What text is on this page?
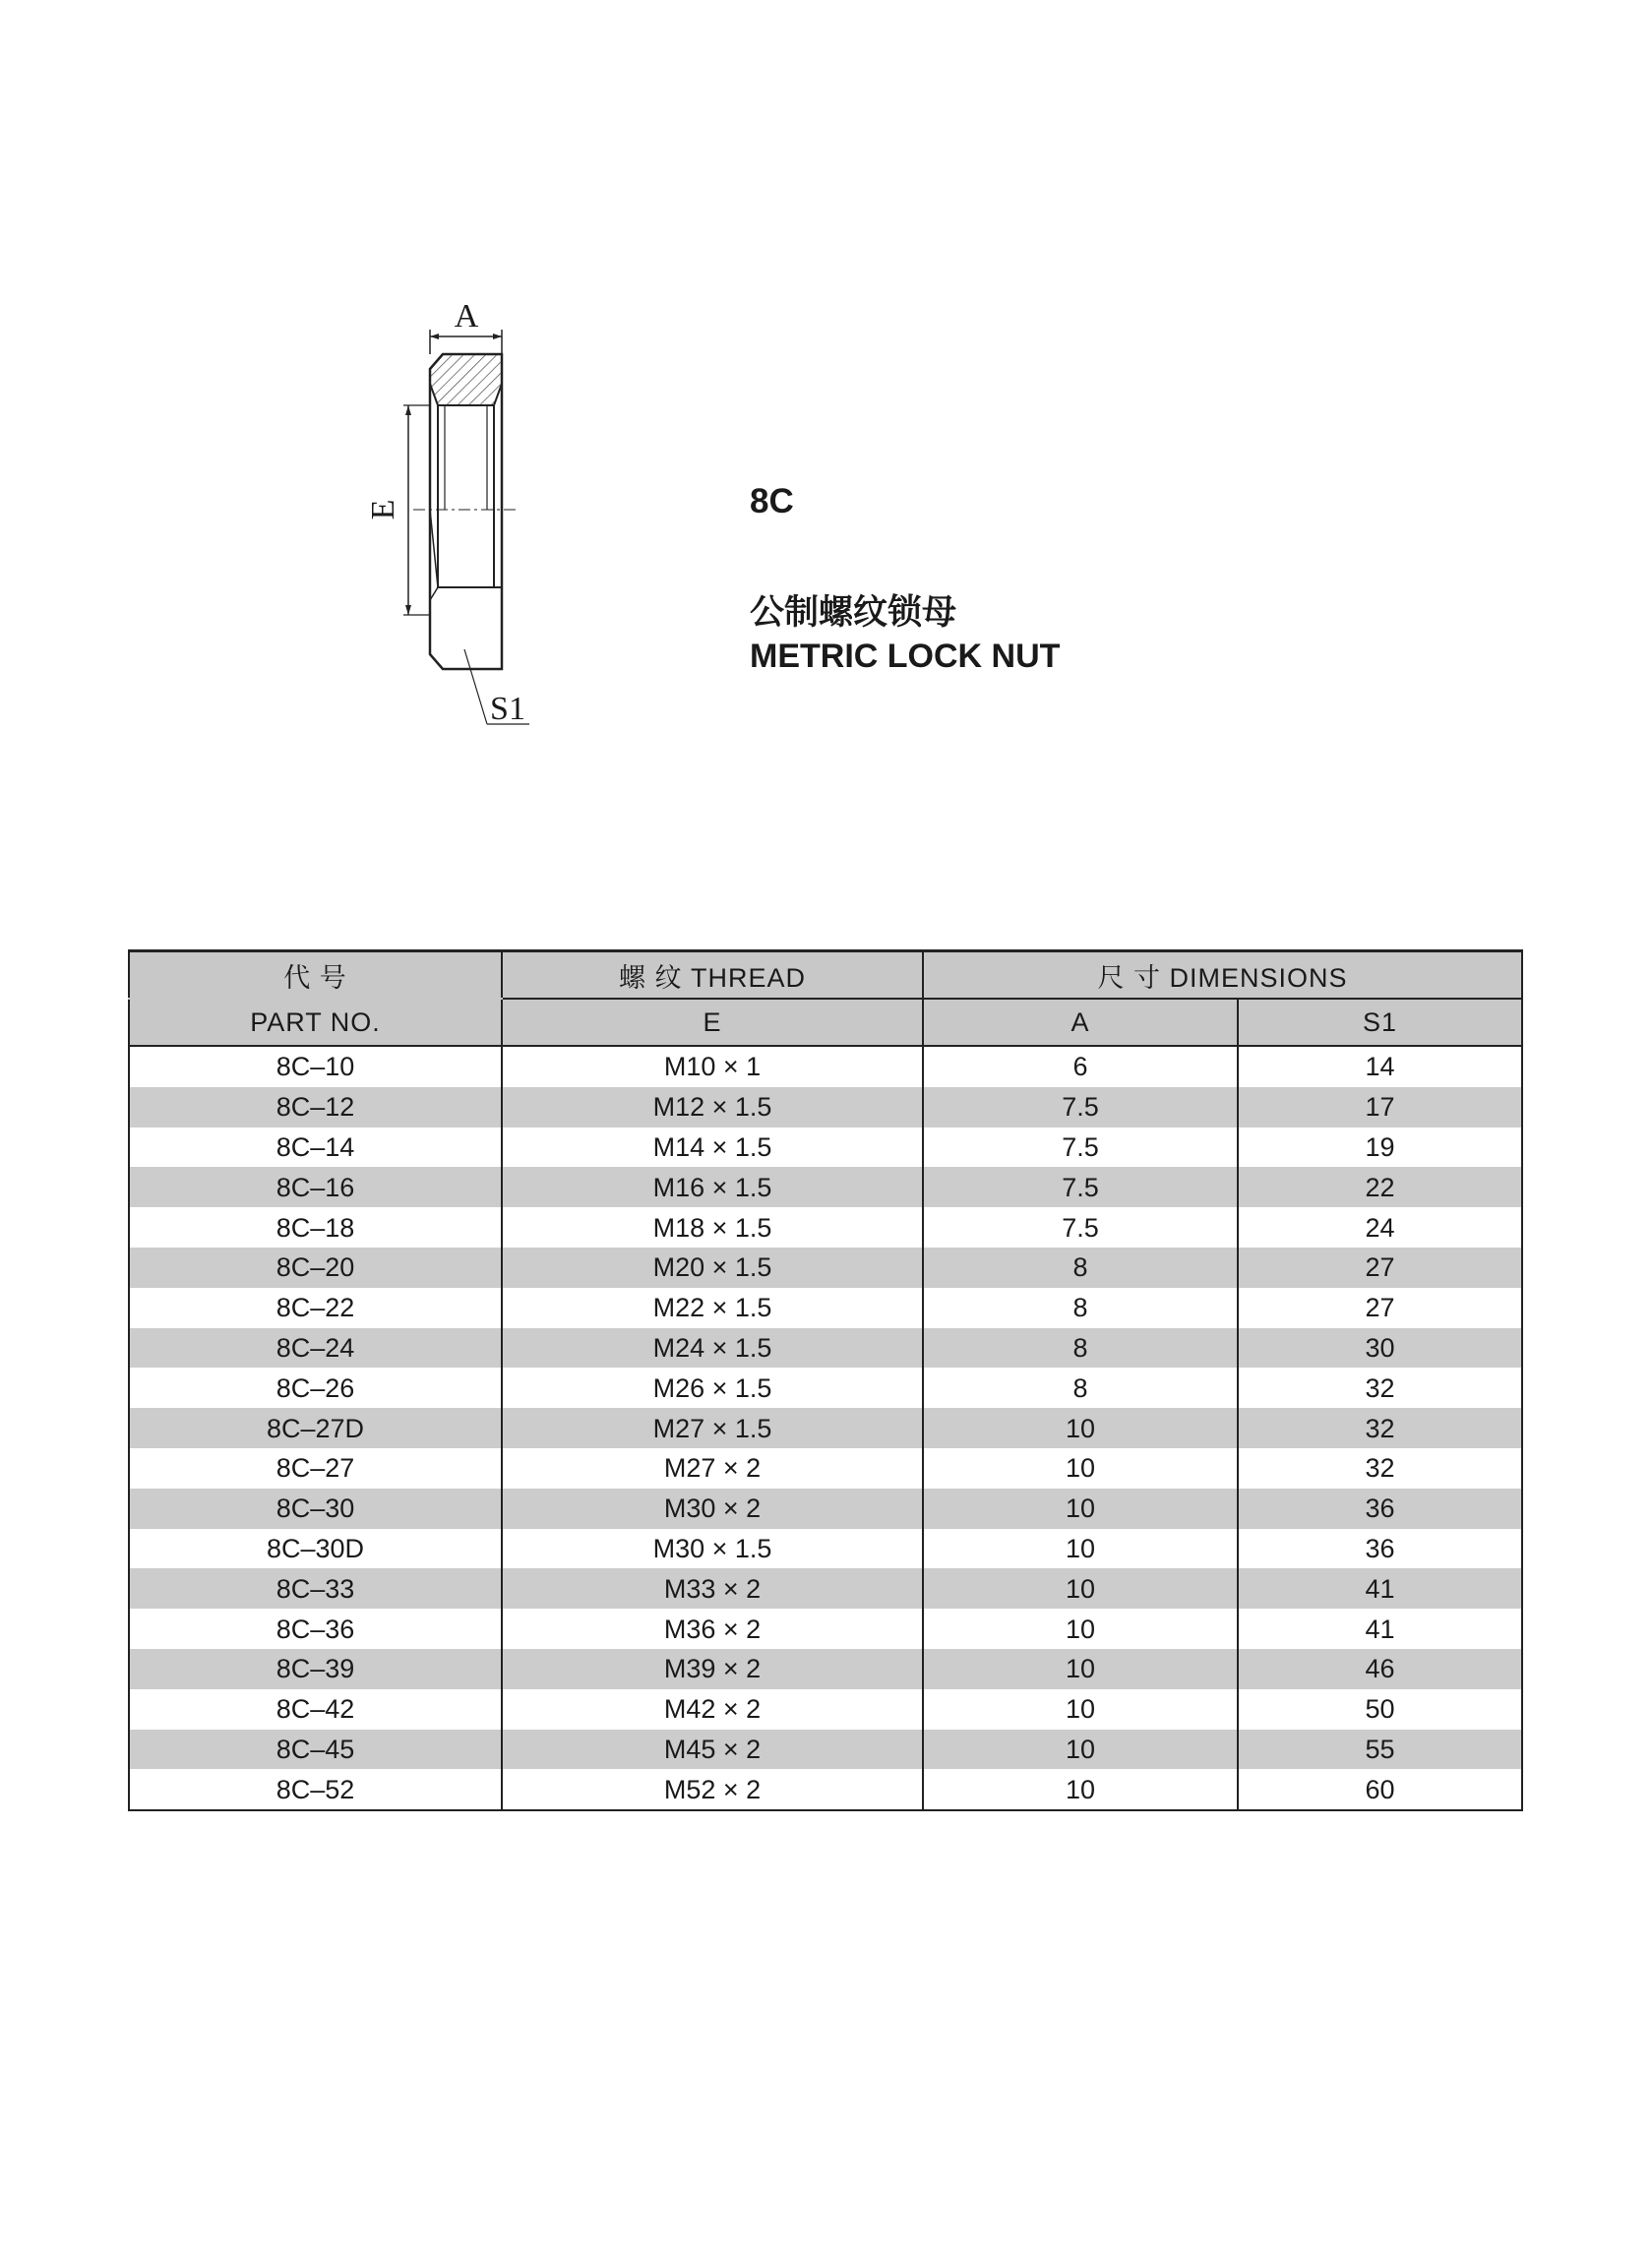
A
E
S1
8C
公制螺纹锁母
METRIC LOCK NUT
代 号	螺 纹 THREAD	尺 寸 DIMENSIONS	
PART NO.	E	A	S1
8C–10	M10 × 1	6	14
8C–12	M12 × 1.5	7.5	17
8C–14	M14 × 1.5	7.5	19
8C–16	M16 × 1.5	7.5	22
8C–18	M18 × 1.5	7.5	24
8C–20	M20 × 1.5	8	27
8C–22	M22 × 1.5	8	27
8C–24	M24 × 1.5	8	30
8C–26	M26 × 1.5	8	32
8C–27D	M27 × 1.5	10	32
8C–27	M27 × 2	10	32
8C–30	M30 × 2	10	36
8C–30D	M30 × 1.5	10	36
8C–33	M33 × 2	10	41
8C–36	M36 × 2	10	41
8C–39	M39 × 2	10	46
8C–42	M42 × 2	10	50
8C–45	M45 × 2	10	55
8C–52	M52 × 2	10	60
